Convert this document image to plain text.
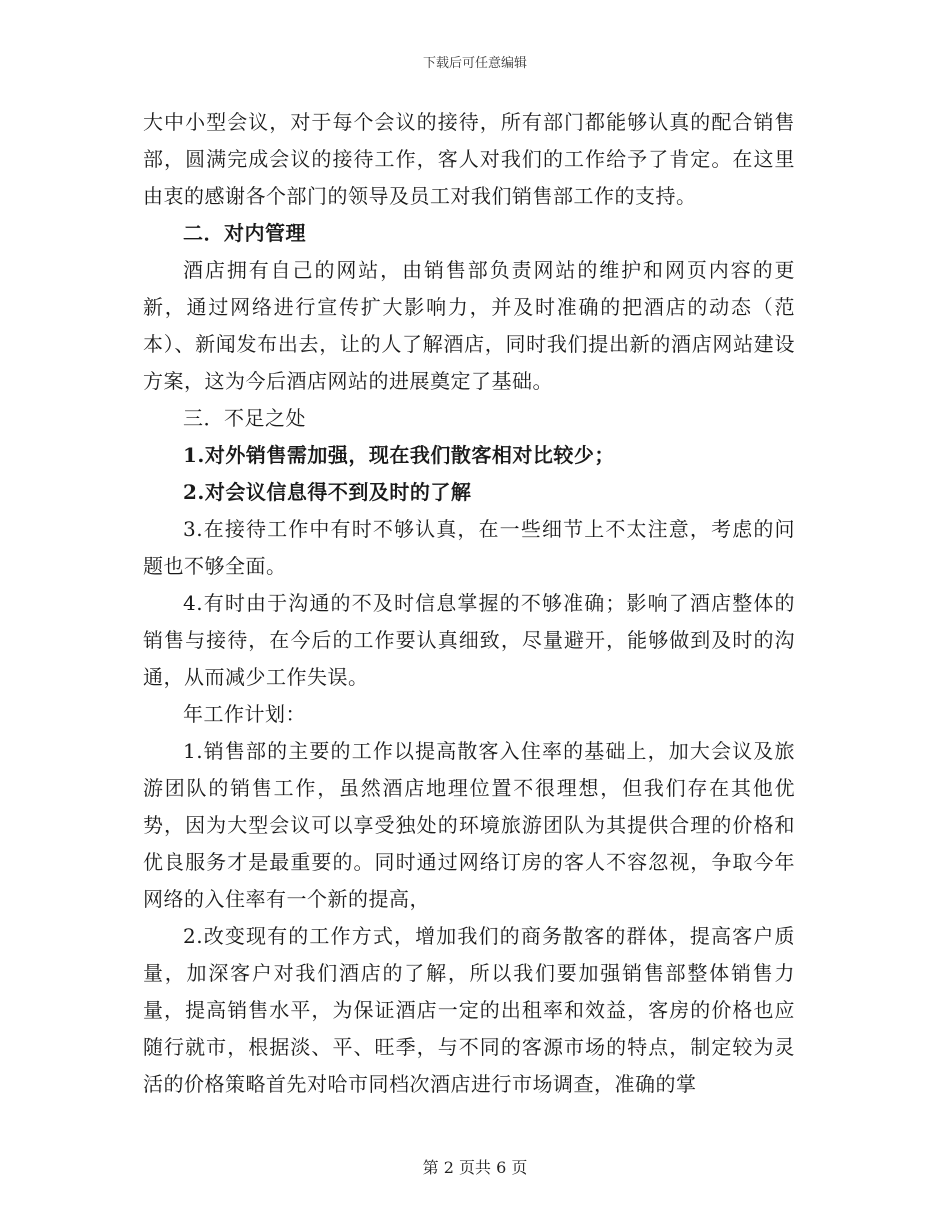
下载后可任意编辑

大中小型会议，对于每个会议的接待，所有部门都能够认真的配合销售部，圆满完成会议的接待工作，客人对我们的工作给予了肯定。在这里由衷的感谢各个部门的领导及员工对我们销售部工作的支持。

二．对内管理

酒店拥有自己的网站，由销售部负责网站的维护和网页内容的更新，通过网络进行宣传扩大影响力，并及时准确的把酒店的动态（范本）、新闻发布出去，让的人了解酒店，同时我们提出新的酒店网站建设方案，这为今后酒店网站的进展奠定了基础。

三．不足之处

1.对外销售需加强，现在我们散客相对比较少；

2.对会议信息得不到及时的了解

3.在接待工作中有时不够认真，在一些细节上不太注意，考虑的问题也不够全面。

4.有时由于沟通的不及时信息掌握的不够准确；影响了酒店整体的销售与接待，在今后的工作要认真细致，尽量避开，能够做到及时的沟通，从而减少工作失误。

年工作计划：

1.销售部的主要的工作以提高散客入住率的基础上，加大会议及旅游团队的销售工作，虽然酒店地理位置不很理想，但我们存在其他优势，因为大型会议可以享受独处的环境旅游团队为其提供合理的价格和优良服务才是最重要的。同时通过网络订房的客人不容忽视，争取今年网络的入住率有一个新的提高，

2.改变现有的工作方式，增加我们的商务散客的群体，提高客户质量，加深客户对我们酒店的了解，所以我们要加强销售部整体销售力量，提高销售水平，为保证酒店一定的出租率和效益，客房的价格也应随行就市，根据淡、平、旺季，与不同的客源市场的特点，制定较为灵活的价格策略首先对哈市同档次酒店进行市场调查，准确的掌

第 2 页共 6 页
